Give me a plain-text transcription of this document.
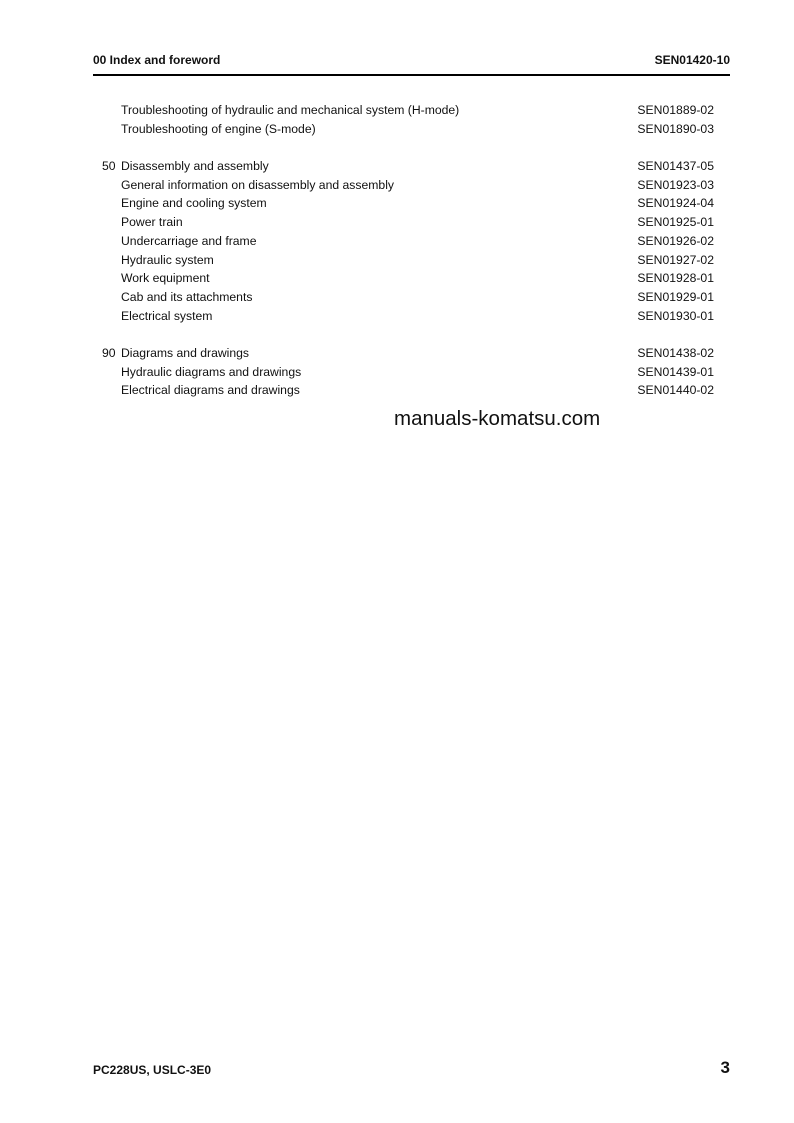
00 Index and foreword	SEN01420-10
Troubleshooting of hydraulic and mechanical system (H-mode)	SEN01889-02
Troubleshooting of engine (S-mode)	SEN01890-03
50 Disassembly and assembly	SEN01437-05
General information on disassembly and assembly	SEN01923-03
Engine and cooling system	SEN01924-04
Power train	SEN01925-01
Undercarriage and frame	SEN01926-02
Hydraulic system	SEN01927-02
Work equipment	SEN01928-01
Cab and its attachments	SEN01929-01
Electrical system	SEN01930-01
90 Diagrams and drawings	SEN01438-02
Hydraulic diagrams and drawings	SEN01439-01
Electrical diagrams and drawings	SEN01440-02
manuals-komatsu.com
PC228US, USLC-3E0	3
